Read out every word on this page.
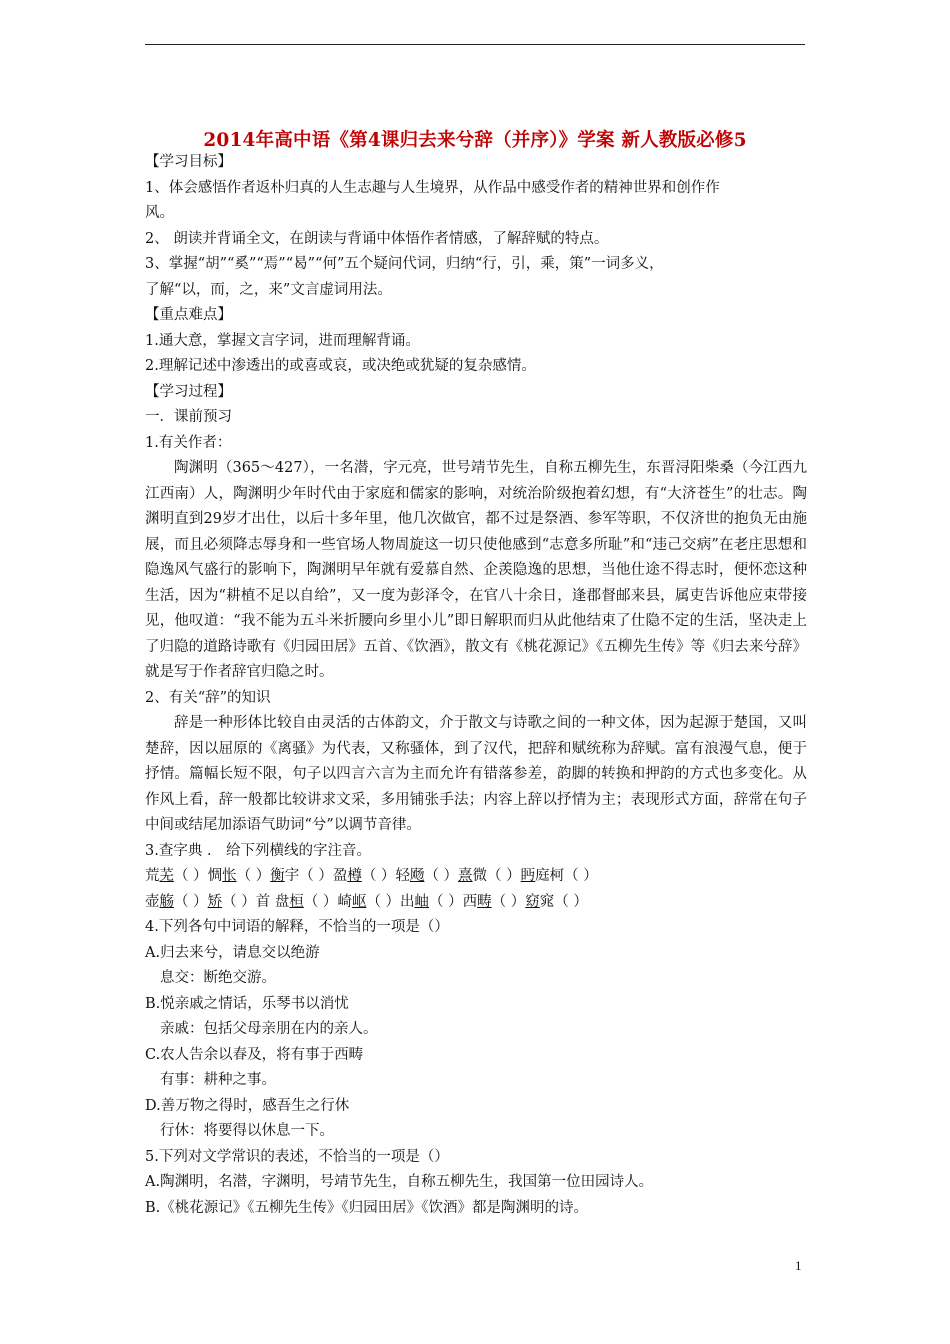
2014年高中语《第4课归去来兮辞（并序）》学案 新人教版必修5
【学习目标】
1、体会感悟作者返朴归真的人生志趣与人生境界，从作品中感受作者的精神世界和创作作
风。
2、 朗读并背诵全文，在朗读与背诵中体悟作者情感，了解辞赋的特点。
3、掌握“胡”“奚”“焉”“曷”“何”五个疑问代词，归纳“行，引，乘，策”一词多义，
了解“以，而，之，来”文言虚词用法。
【重点难点】
1.通大意，掌握文言字词，进而理解背诵。
2.理解记述中渗透出的或喜或哀，或决绝或犹疑的复杂感情。
【学习过程】
一．课前预习
1.有关作者：
陶渊明（365～427），一名潜，字元亮，世号靖节先生，自称五柳先生，东晋浔阳柴桑（今江西九江西南）人，陶渊明少年时代由于家庭和儒家的影响，对统治阶级抱着幻想，有“大济苍生”的壮志。陶渊明直到29岁才出仕，以后十多年里，他几次做官，都不过是祭酒、参军等职，不仅济世的抱负无由施展，而且必须降志辱身和一些官场人物周旋这一切只使他感到“志意多所耻”和“违己交病”在老庄思想和隐逸风气盛行的影响下，陶渊明早年就有爱慕自然、企羡隐逸的思想，当他仕途不得志时，便怀恋这种生活，因为“耕植不足以自给”，又一度为彭泽令，在官八十余日，逢郡督邮来县，属吏告诉他应束带接见，他叹道：“我不能为五斗米折腰向乡里小儿”即日解职而归从此他结束了仕隐不定的生活，坚决走上了归隐的道路诗歌有《归园田居》五首、《饮酒》，散文有《桃花源记》《五柳先生传》等《归去来兮辞》就是写于作者辞官归隐之时。
2、有关“辞”的知识
辞是一种形体比较自由灵活的古体韵文，介于散文与诗歌之间的一种文体，因为起源于楚国，又叫楚辞，因以屈原的《离骚》为代表，又称骚体，到了汉代，把辞和赋统称为辞赋。富有浪漫气息，便于抒情。篇幅长短不限，句子以四言六言为主而允许有错落参差，韵脚的转换和押韵的方式也多变化。从作风上看，辞一般都比较讲求文采，多用铺张手法；内容上辞以抒情为主；表现形式方面，辞常在句子中间或结尾加添语气助词“兮”以调节音律。
3.查字典 ． 给下列横线的字注音。
荒芜（ ） 惆怅（ ） 衡宇（ ） 盈樽（ ） 轻飏（ ） 熹微（ ） 眄庭柯（ ）
壶觞（ ） 矫（ ） 首 盘桓（ ） 崎岖（ ） 出岫（ ） 西畴（ ） 窈窕（ ）
4.下列各句中词语的解释，不恰当的一项是（）
A.归去来兮，请息交以绝游
息交：断绝交游。
B.悦亲戚之情话，乐琴书以消忧
亲戚：包括父母亲朋在内的亲人。
C.农人告余以春及，将有事于西畴
有事：耕种之事。
D.善万物之得时，感吾生之行休
行休：将要得以休息一下。
5.下列对文学常识的表述，不恰当的一项是（）
A.陶渊明，名潜，字渊明，号靖节先生，自称五柳先生，我国第一位田园诗人。
B.《桃花源记》《五柳先生传》《归园田居》《饮酒》都是陶渊明的诗。
1
